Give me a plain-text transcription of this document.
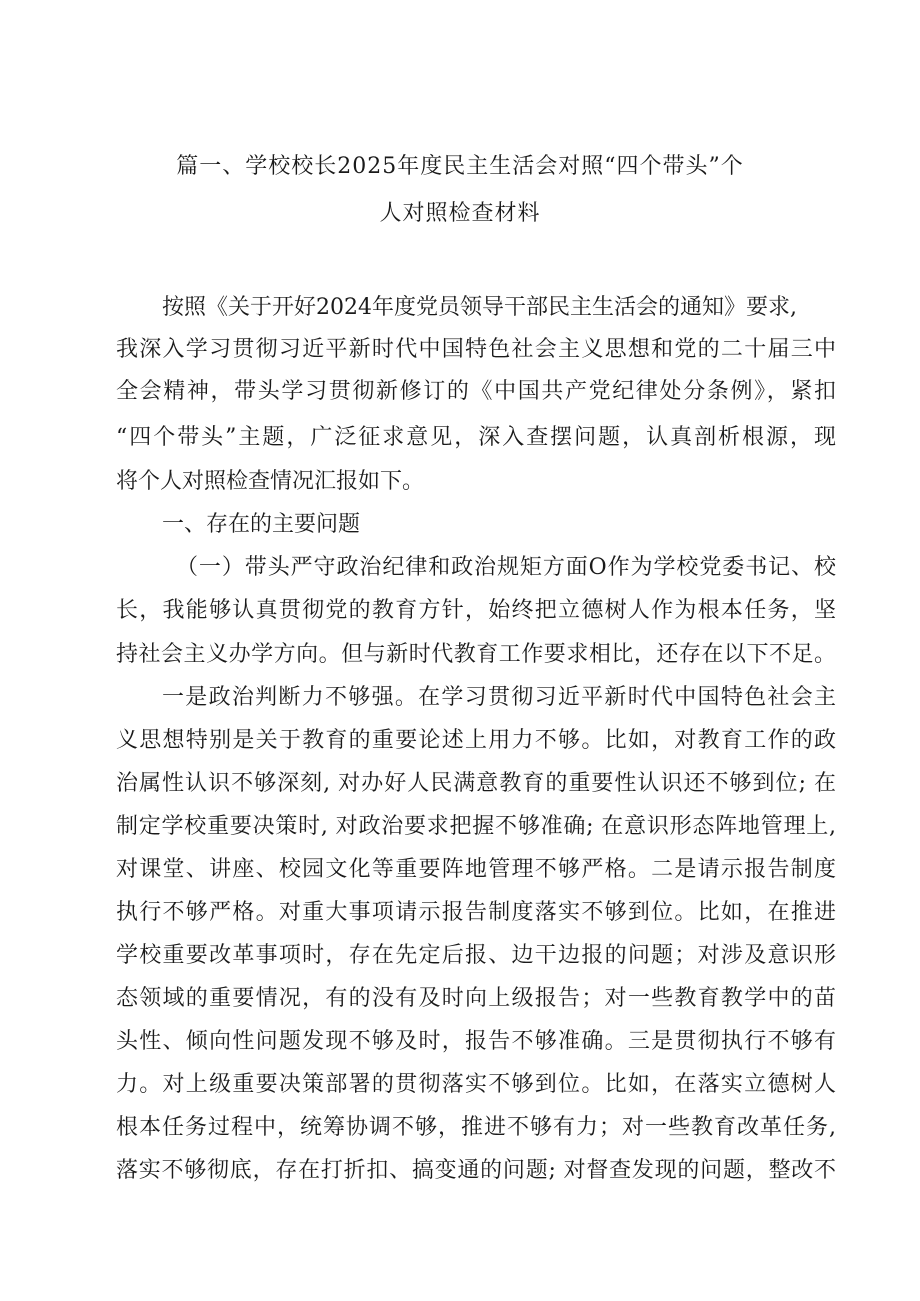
篇一、学校校长2025年度民主生活会对照“四个带头”个
人对照检查材料

按照《关于开好2024年度党员领导干部民主生活会的通知》要求,

我深入学习贯彻习近平新时代中国特色社会主义思想和党的二十届三中

全会精神，带头学习贯彻新修订的《中国共产党纪律处分条例》，紧扣

“四个带头”主题，广泛征求意见，深入查摆问题，认真剖析根源，现

将个人对照检查情况汇报如下。

一、存在的主要问题

（一）带头严守政治纪律和政治规矩方面O作为学校党委书记、校

长，我能够认真贯彻党的教育方针，始终把立德树人作为根本任务，坚

持社会主义办学方向。但与新时代教育工作要求相比，还存在以下不足。

一是政治判断力不够强。在学习贯彻习近平新时代中国特色社会主

义思想特别是关于教育的重要论述上用力不够。比如，对教育工作的政

治属性认识不够深刻, 对办好人民满意教育的重要性认识还不够到位; 在

制定学校重要决策时, 对政治要求把握不够准确; 在意识形态阵地管理上,

对课堂、讲座、校园文化等重要阵地管理不够严格。二是请示报告制度

执行不够严格。对重大事项请示报告制度落实不够到位。比如，在推进

学校重要改革事项时，存在先定后报、边干边报的问题；对涉及意识形

态领域的重要情况，有的没有及时向上级报告；对一些教育教学中的苗

头性、倾向性问题发现不够及时，报告不够准确。三是贯彻执行不够有

力。对上级重要决策部署的贯彻落实不够到位。比如，在落实立德树人

根本任务过程中，统筹协调不够，推进不够有力；对一些教育改革任务,

落实不够彻底，存在打折扣、搞变通的问题; 对督查发现的问题，整改不
